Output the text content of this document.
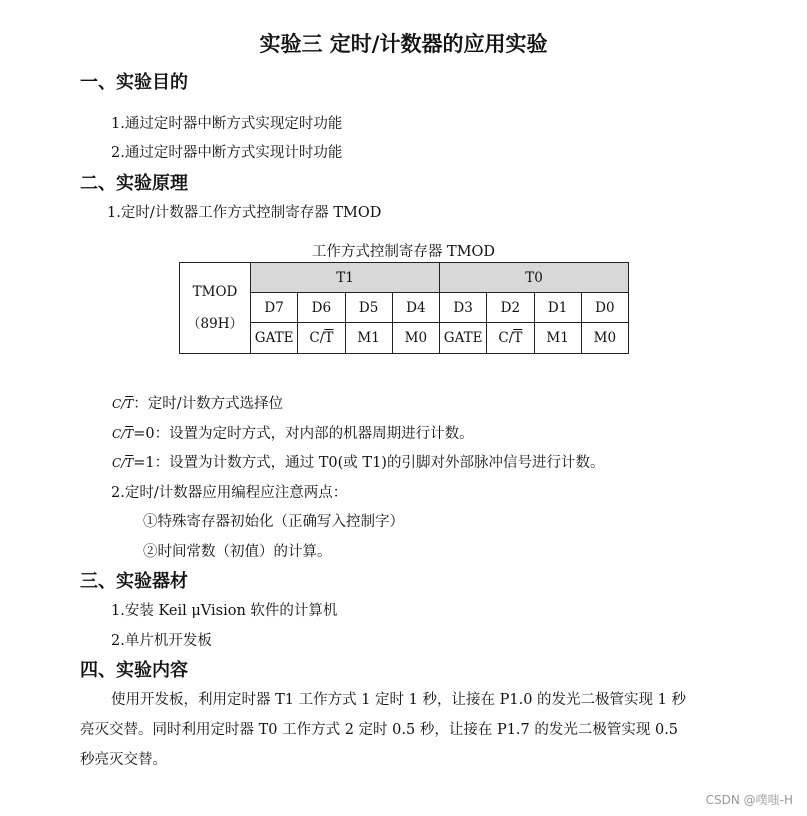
实验三 定时/计数器的应用实验
一、实验目的
1.通过定时器中断方式实现定时功能
2.通过定时器中断方式实现计时功能
二、实验原理
1.定时/计数器工作方式控制寄存器 TMOD
工作方式控制寄存器 TMOD
TMOD
（89H）	T1				T0			
	D7	D6	D5	D4	D3	D2	D1	D0
	GATE	$C/\overline{T}$	M1	M0	GATE	$C/\overline{T}$	M1	M0
$C/\overline{T}$：定时/计数方式选择位
$C/\overline{T}=0$：设置为定时方式，对内部的机器周期进行计数。
$C/\overline{T}=1$：设置为计数方式，通过 T0(或 T1)的引脚对外部脉冲信号进行计数。
2.定时/计数器应用编程应注意两点：
①特殊寄存器初始化（正确写入控制字）
②时间常数（初值）的计算。
三、实验器材
1.安装 Keil μVision 软件的计算机
2.单片机开发板
四、实验内容
使用开发板，利用定时器 T1 工作方式 1 定时 1 秒，让接在 P1.0 的发光二极管实现 1 秒
亮灭交替。同时利用定时器 T0 工作方式 2 定时 0.5 秒，让接在 P1.7 的发光二极管实现 0.5
秒亮灭交替。
CSDN @噗嗤-H
